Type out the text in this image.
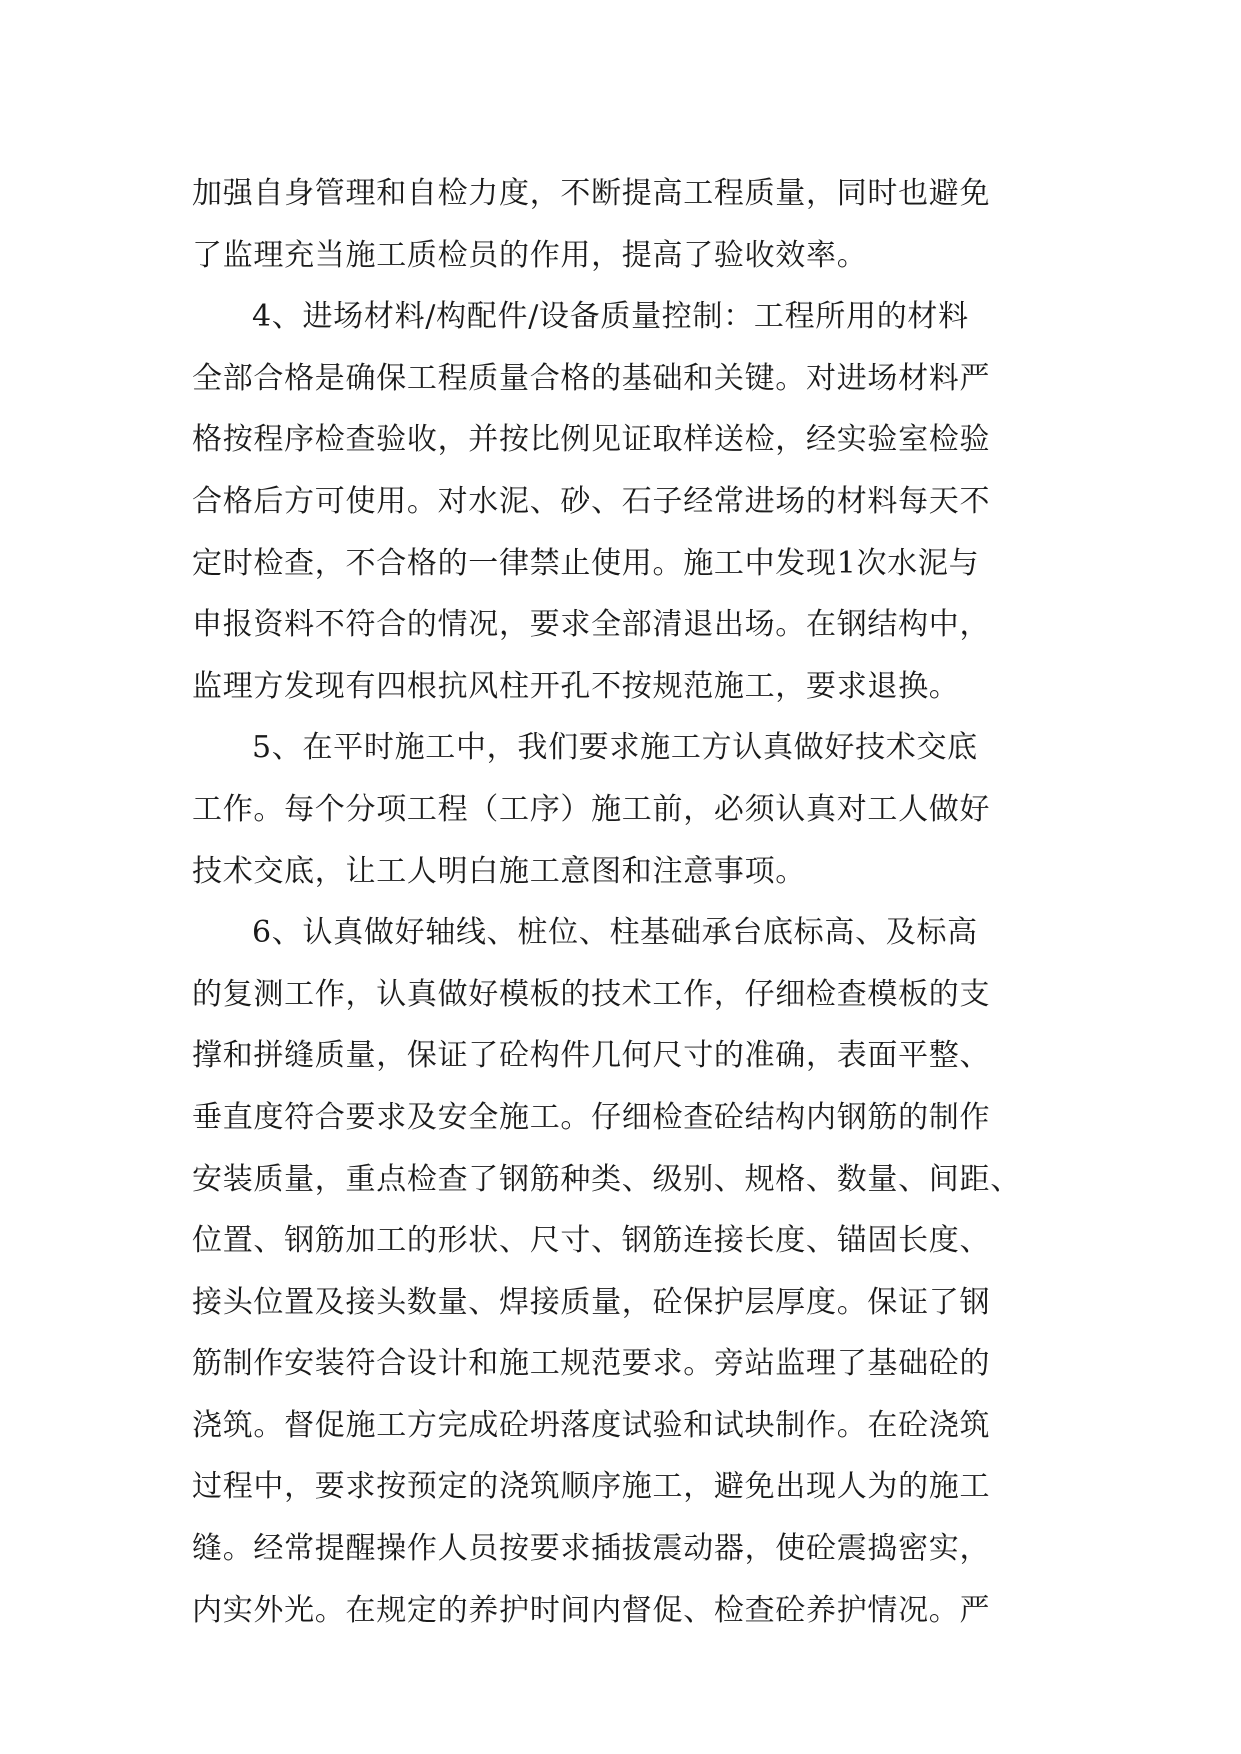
加强自身管理和自检力度，不断提高工程质量，同时也避免
了监理充当施工质检员的作用，提高了验收效率。
4、进场材料/构配件/设备质量控制：工程所用的材料
全部合格是确保工程质量合格的基础和关键。对进场材料严
格按程序检查验收，并按比例见证取样送检，经实验室检验
合格后方可使用。对水泥、砂、石子经常进场的材料每天不
定时检查，不合格的一律禁止使用。施工中发现1次水泥与
申报资料不符合的情况，要求全部清退出场。在钢结构中，
监理方发现有四根抗风柱开孔不按规范施工，要求退换。
5、在平时施工中，我们要求施工方认真做好技术交底
工作。每个分项工程（工序）施工前，必须认真对工人做好
技术交底，让工人明白施工意图和注意事项。
6、认真做好轴线、桩位、柱基础承台底标高、及标高
的复测工作，认真做好模板的技术工作，仔细检查模板的支
撑和拼缝质量，保证了砼构件几何尺寸的准确，表面平整、
垂直度符合要求及安全施工。仔细检查砼结构内钢筋的制作
安装质量，重点检查了钢筋种类、级别、规格、数量、间距、
位置、钢筋加工的形状、尺寸、钢筋连接长度、锚固长度、
接头位置及接头数量、焊接质量，砼保护层厚度。保证了钢
筋制作安装符合设计和施工规范要求。旁站监理了基础砼的
浇筑。督促施工方完成砼坍落度试验和试块制作。在砼浇筑
过程中，要求按预定的浇筑顺序施工，避免出现人为的施工
缝。经常提醒操作人员按要求插拔震动器，使砼震捣密实，
内实外光。在规定的养护时间内督促、检查砼养护情况。严
